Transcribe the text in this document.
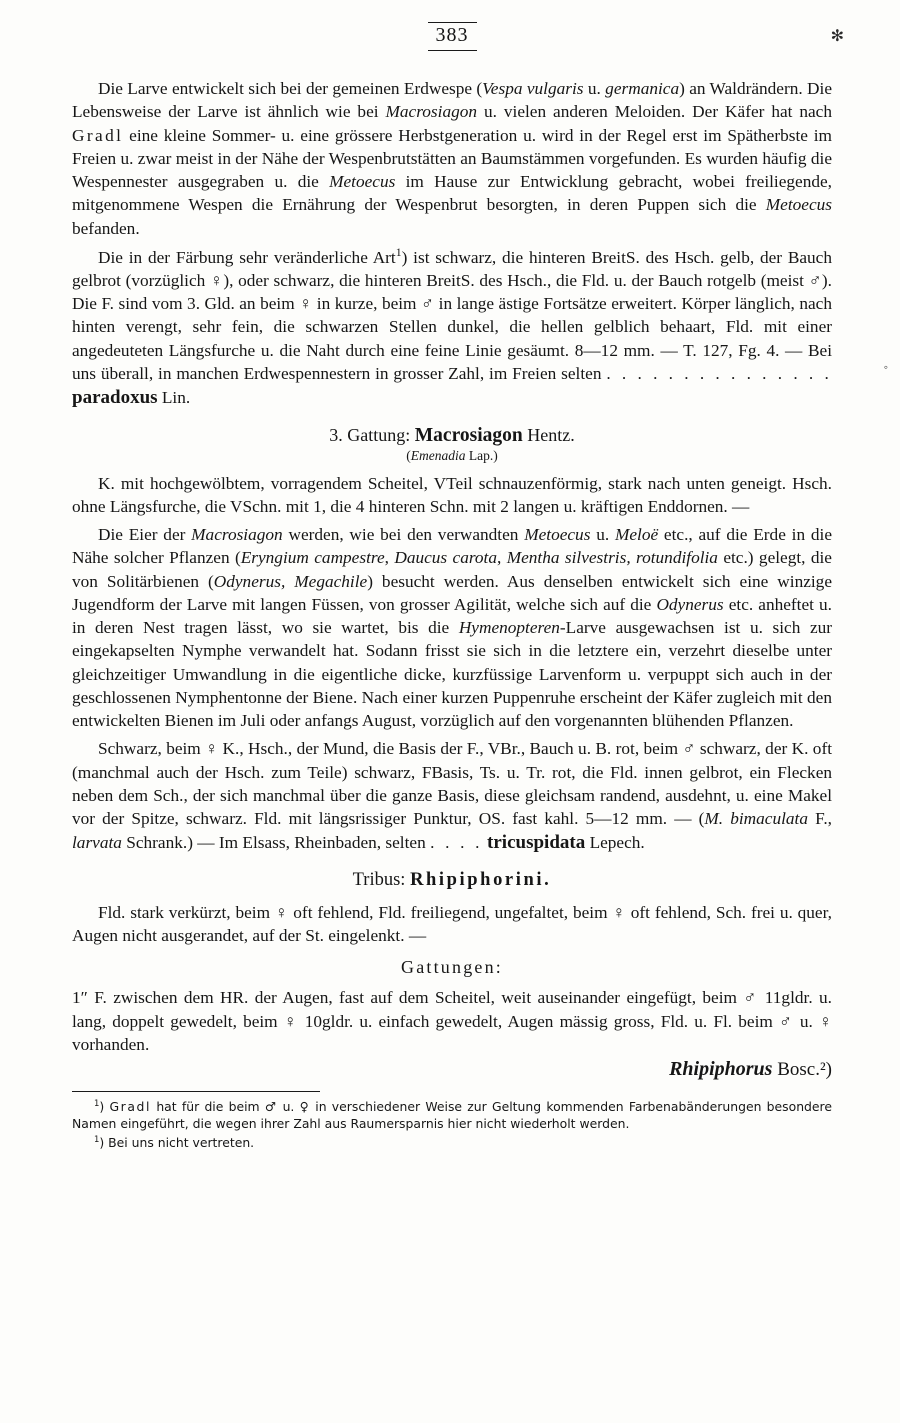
◦
383	✻

Die Larve entwickelt sich bei der gemeinen Erdwespe (Vespa vulgaris u. germanica) an Waldrändern. Die Lebensweise der Larve ist ähnlich wie bei Macrosiagon u. vielen anderen Meloiden. Der Käfer hat nach Gradl eine kleine Sommer- u. eine grössere Herbstgeneration u. wird in der Regel erst im Spätherbste im Freien u. zwar meist in der Nähe der Wespenbrutstätten an Baumstämmen vorgefunden. Es wurden häufig die Wespennester ausgegraben u. die Metoecus im Hause zur Entwicklung gebracht, wobei freiliegende, mitgenommene Wespen die Ernährung der Wespenbrut besorgten, in deren Puppen sich die Metoecus befanden.

Die in der Färbung sehr veränderliche Art$^1$) ist schwarz, die hinteren BreitS. des Hsch. gelb, der Bauch gelbrot (vorzüglich ♀), oder schwarz, die hinteren BreitS. des Hsch., die Fld. u. der Bauch rotgelb (meist ♂). Die F. sind vom 3. Gld. an beim ♀ in kurze, beim ♂ in lange ästige Fortsätze erweitert. Körper länglich, nach hinten verengt, sehr fein, die schwarzen Stellen dunkel, die hellen gelblich behaart, Fld. mit einer angedeuteten Längsfurche u. die Naht durch eine feine Linie gesäumt. 8—12 mm. — T. 127, Fg. 4. — Bei uns überall, in manchen Erdwespennestern in grosser Zahl, im Freien selten . . . . . . . . . . . . . . . paradoxus Lin.

3. Gattung: Macrosiagon Hentz.
(Emenadia Lap.)

K. mit hochgewölbtem, vorragendem Scheitel, VTeil schnauzenförmig, stark nach unten geneigt. Hsch. ohne Längsfurche, die VSchn. mit 1, die 4 hinteren Schn. mit 2 langen u. kräftigen Enddornen. —

Die Eier der Macrosiagon werden, wie bei den verwandten Metoecus u. Meloë etc., auf die Erde in die Nähe solcher Pflanzen (Eryngium campestre, Daucus carota, Mentha silvestris, rotundifolia etc.) gelegt, die von Solitärbienen (Odynerus, Megachile) besucht werden. Aus denselben entwickelt sich eine winzige Jugendform der Larve mit langen Füssen, von grosser Agilität, welche sich auf die Odynerus etc. anheftet u. in deren Nest tragen lässt, wo sie wartet, bis die Hymenopteren-Larve ausgewachsen ist u. sich zur eingekapselten Nymphe verwandelt hat. Sodann frisst sie sich in die letztere ein, verzehrt dieselbe unter gleichzeitiger Umwandlung in die eigentliche dicke, kurzfüssige Larvenform u. verpuppt sich auch in der geschlossenen Nymphentonne der Biene. Nach einer kurzen Puppenruhe erscheint der Käfer zugleich mit den entwickelten Bienen im Juli oder anfangs August, vorzüglich auf den vorgenannten blühenden Pflanzen.

Schwarz, beim ♀ K., Hsch., der Mund, die Basis der F., VBr., Bauch u. B. rot, beim ♂ schwarz, der K. oft (manchmal auch der Hsch. zum Teile) schwarz, FBasis, Ts. u. Tr. rot, die Fld. innen gelbrot, ein Flecken neben dem Sch., der sich manchmal über die ganze Basis, diese gleichsam randend, ausdehnt, u. eine Makel vor der Spitze, schwarz. Fld. mit längsrissiger Punktur, OS. fast kahl. 5—12 mm. — (M. bimaculata F., larvata Schrank.) — Im Elsass, Rheinbaden, selten . . . . tricuspidata Lepech.

Tribus: Rhipiphorini.

Fld. stark verkürzt, beim ♀ oft fehlend, Fld. freiliegend, ungefaltet, beim ♀ oft fehlend, Sch. frei u. quer, Augen nicht ausgerandet, auf der St. eingelenkt. —

Gattungen:

1″ F. zwischen dem HR. der Augen, fast auf dem Scheitel, weit auseinander eingefügt, beim ♂ 11gldr. u. lang, doppelt gewedelt, beim ♀ 10gldr. u. einfach gewedelt, Augen mässig gross, Fld. u. Fl. beim ♂ u. ♀ vorhanden.

Rhipiphorus Bosc.²)
$^1$) Gradl hat für die beim ♂ u. ♀ in verschiedener Weise zur Geltung kommenden Farbenabänderungen besondere Namen eingeführt, die wegen ihrer Zahl aus Raumersparnis hier nicht wiederholt werden.
$^1$) Bei uns nicht vertreten.
